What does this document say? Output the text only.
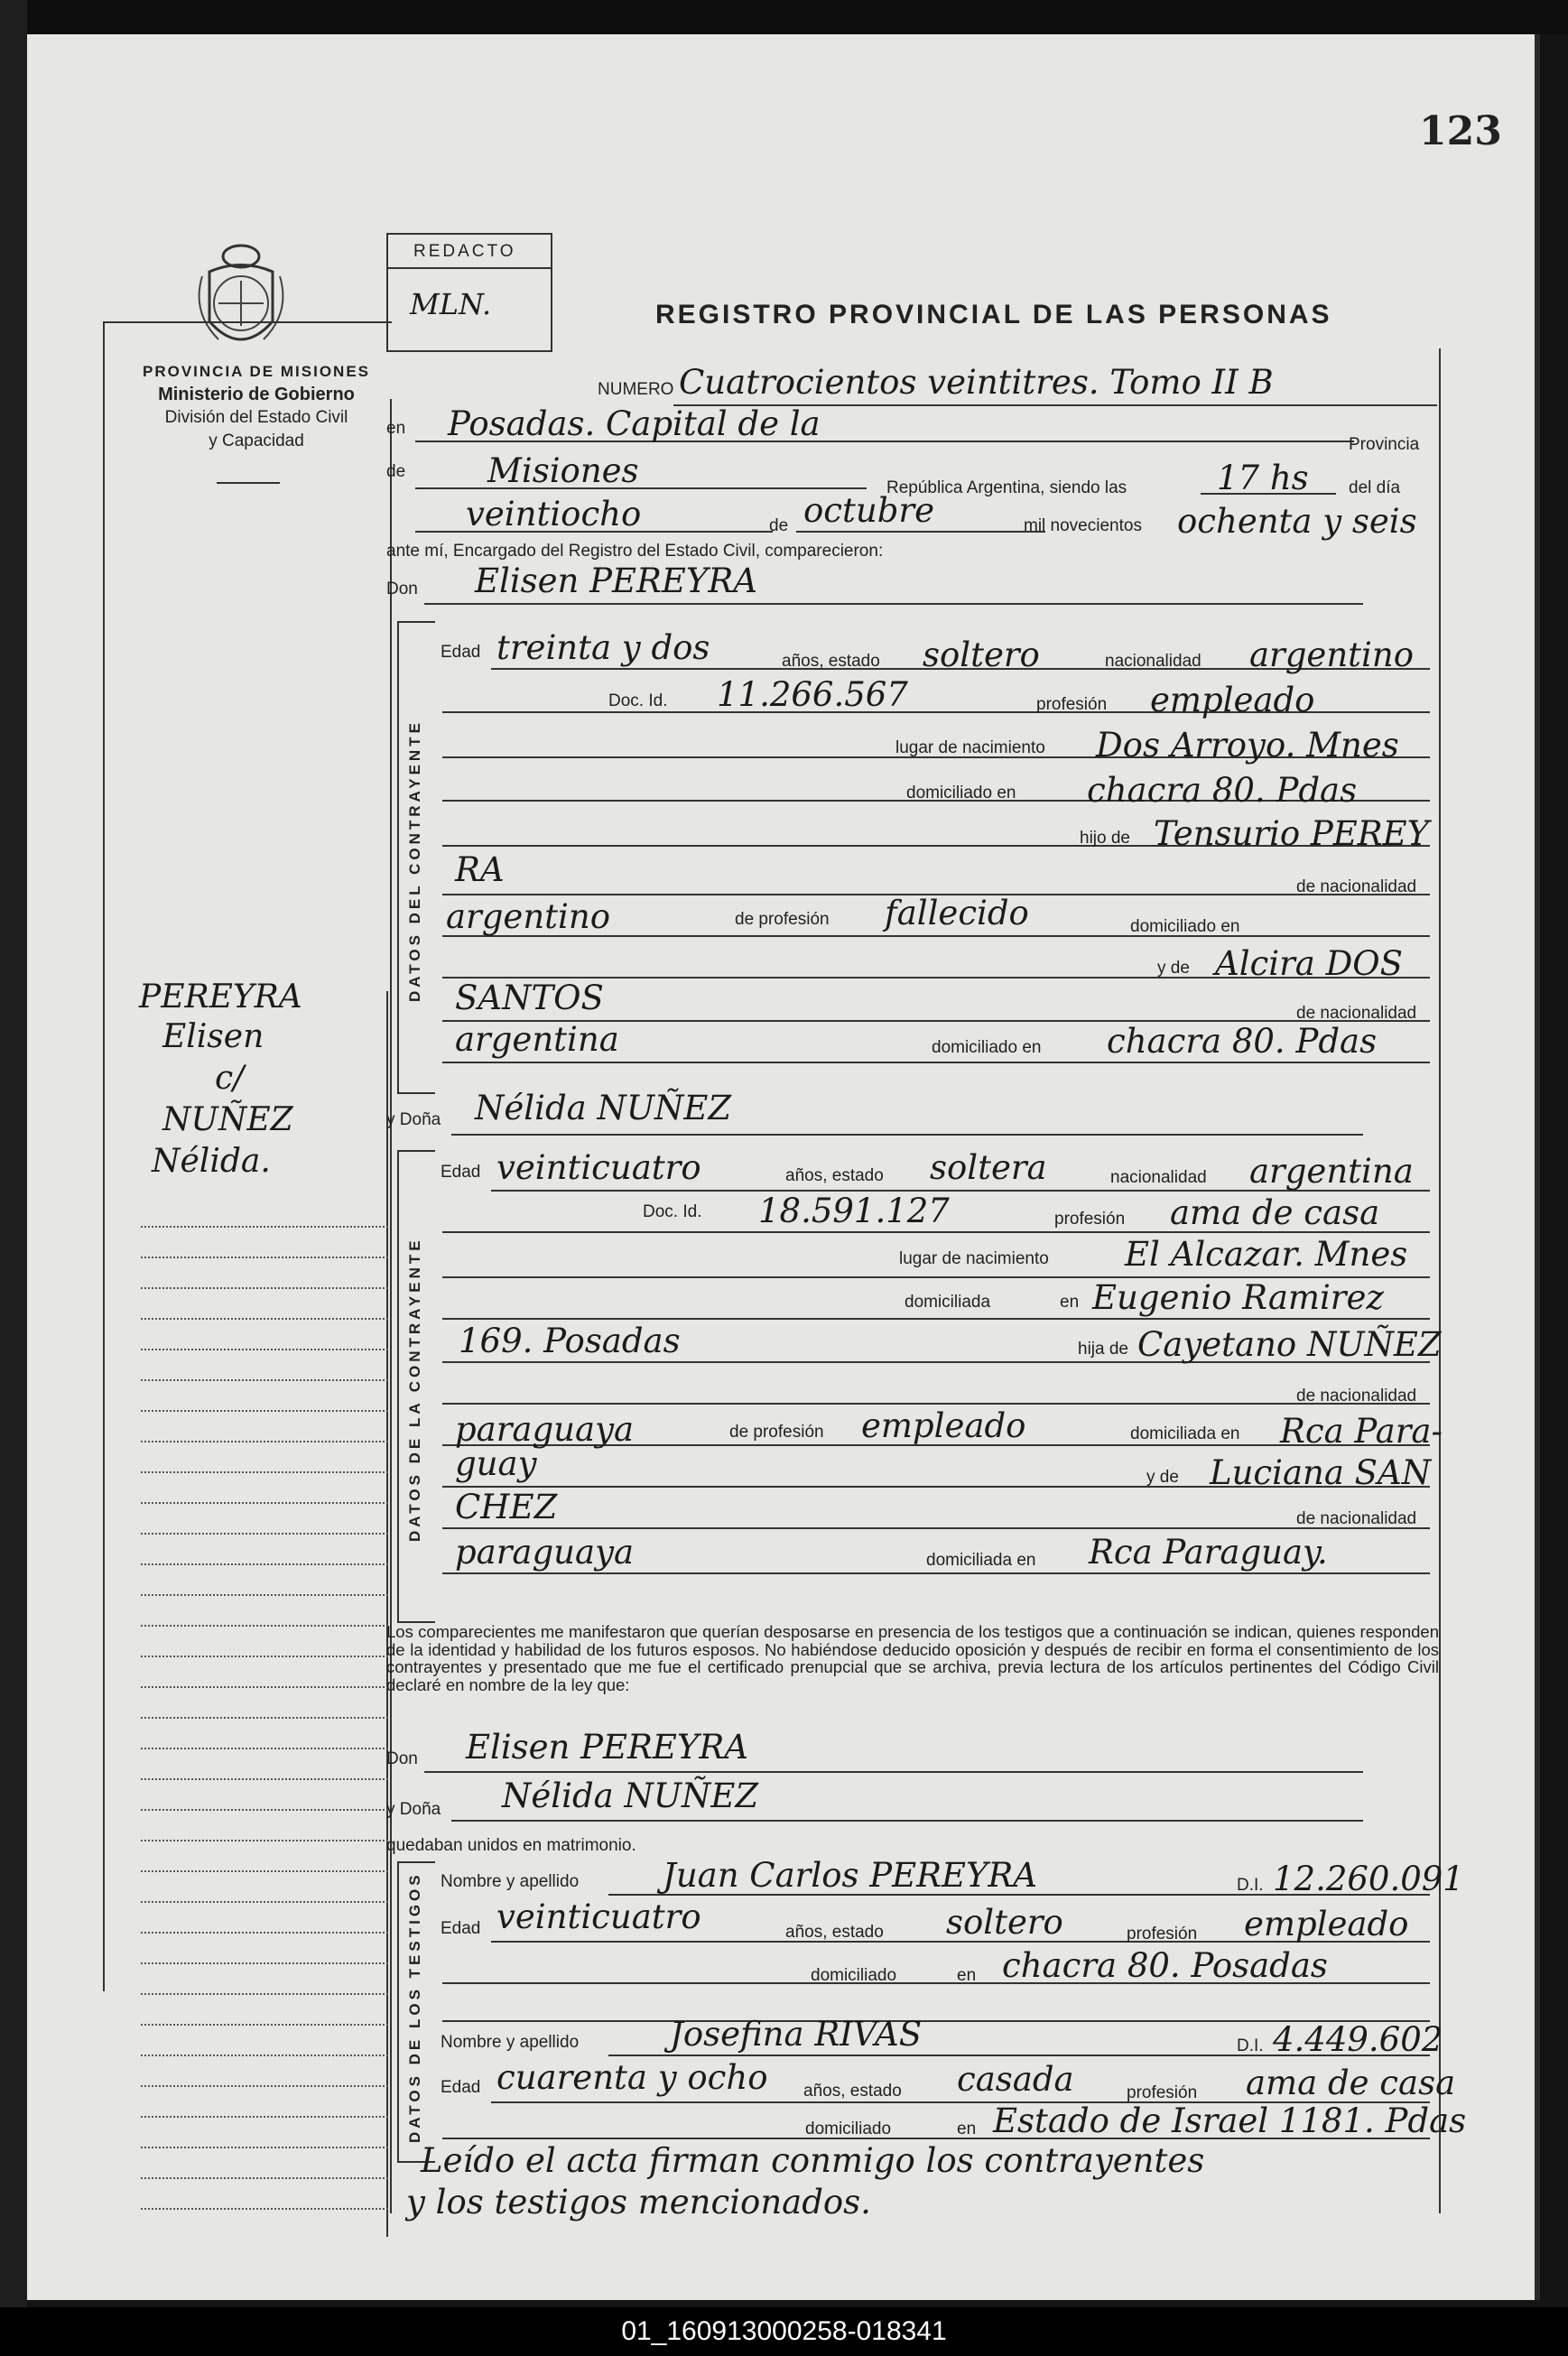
123
PROVINCIA DE MISIONES
Ministerio de Gobierno
División del Estado Civil
y Capacidad
PEREYRA
Elisen
c/
NUÑEZ
Nélida.
REDACTO
MLN.	REGISTRO PROVINCIAL DE LAS PERSONAS
NUMERO Cuatrocientos veintitres. Tomo II B
en Posadas. Capital de la
Provincia
de Misiones	República Argentina, siendo las	17 hs del día
veintiocho	de octubre	mil novecientos ochenta y seis
ante mí, Encargado del Registro del Estado Civil, comparecieron:
Don Elisen PEREYRA
DATOS DEL CONTRAYENTE
Edad treinta y dos	años, estado soltero	nacionalidad argentino
Doc. Id. 11.266.567	profesión empleado
lugar de nacimiento Dos Arroyo. Mnes
domiciliado en chacra 80. Pdas
hijo de Tensurio PEREY
RA	de nacionalidad
argentino	de profesión fallecido	domiciliado en
y de Alcira DOS
SANTOS	de nacionalidad
argentina	domiciliado en chacra 80. Pdas
y Doña Nélida NUÑEZ
DATOS DE LA CONTRAYENTE
Edad veinticuatro	años, estado soltera	nacionalidad argentina
Doc. Id. 18.591.127	profesión ama de casa
lugar de nacimiento El Alcazar. Mnes
domiciliada	en Eugenio Ramirez
169. Posadas	hija de Cayetano NUÑEZ
de nacionalidad
paraguaya	de profesión empleado	domiciliada en Rca Para-
guay	y de Luciana SAN
CHEZ	de nacionalidad
paraguaya	domiciliada en Rca Paraguay.
Los comparecientes me manifestaron que querían desposarse en presencia de los testigos que a continuación se indican, quienes responden de la identidad y habilidad de los futuros esposos. No habiéndose deducido oposición y después de recibir en forma el consentimiento de los contrayentes y presentado que me fue el certificado prenupcial que se archiva, previa lectura de los artículos pertinentes del Código Civil declaré en nombre de la ley que:
Don Elisen PEREYRA
y Doña Nélida NUÑEZ
quedaban unidos en matrimonio.
DATOS DE LOS TESTIGOS Nombre y apellido	Juan Carlos PEREYRA	D.I. 12.260.091
Edad veinticuatro	años, estado soltero	profesión empleado
domiciliado	en chacra 80. Posadas
Nombre y apellido	Josefina RIVAS	D.I. 4.449.602
Edad cuarenta y ocho años, estado casada	profesión ama de casa
domiciliado	en Estado de Israel 1181. Pdas
Leído el acta firman conmigo los contrayentes
y los testigos mencionados.
01_160913000258-018341
